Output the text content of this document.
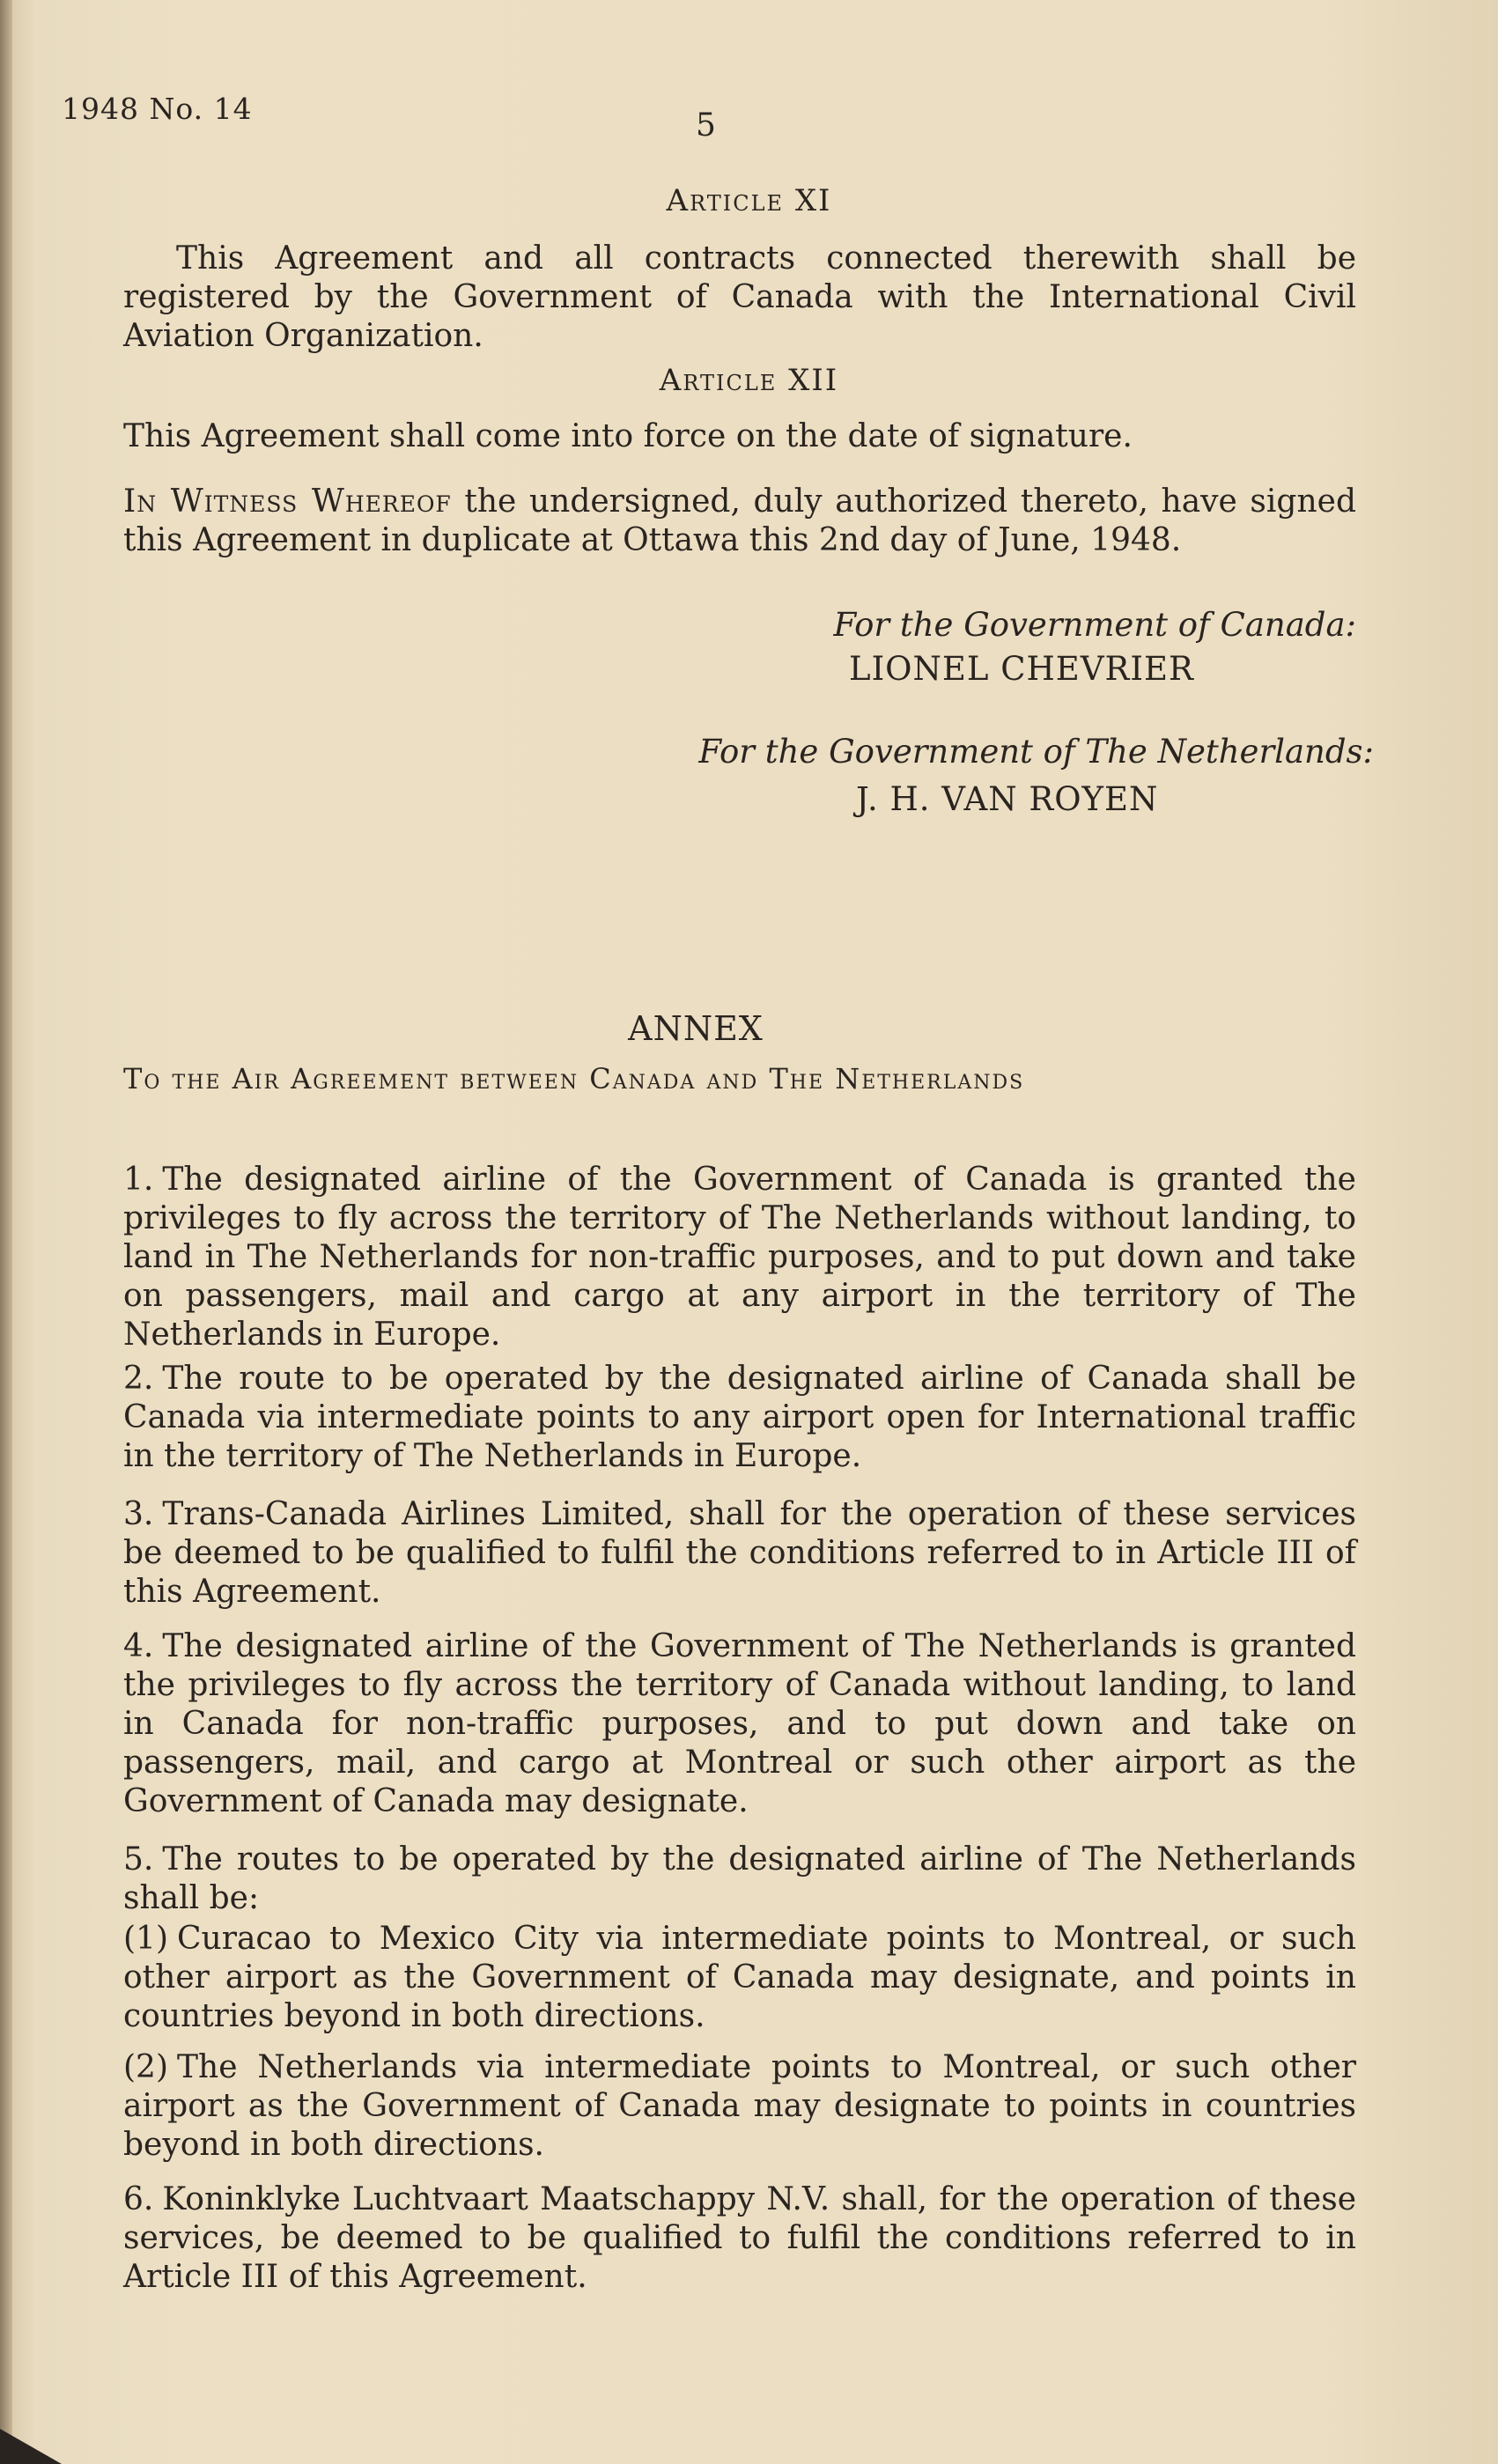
1948 No. 14	5
Article XI
This Agreement and all contracts connected therewith shall be registered by the Government of Canada with the International Civil Aviation Organization.
Article XII
This Agreement shall come into force on the date of signature.
In Witness Whereof the undersigned, duly authorized thereto, have signed this Agreement in duplicate at Ottawa this 2nd day of June, 1948.
For the Government of Canada:
LIONEL CHEVRIER
For the Government of The Netherlands:
J. H. VAN ROYEN
ANNEX
To the Air Agreement between Canada and The Netherlands
1. The designated airline of the Government of Canada is granted the privileges to fly across the territory of The Netherlands without landing, to land in The Netherlands for non-traffic purposes, and to put down and take on passengers, mail and cargo at any airport in the territory of The Netherlands in Europe.
2. The route to be operated by the designated airline of Canada shall be Canada via intermediate points to any airport open for International traffic in the territory of The Netherlands in Europe.
3. Trans-Canada Airlines Limited, shall for the operation of these services be deemed to be qualified to fulfil the conditions referred to in Article III of this Agreement.
4. The designated airline of the Government of The Netherlands is granted the privileges to fly across the territory of Canada without landing, to land in Canada for non-traffic purposes, and to put down and take on passengers, mail, and cargo at Montreal or such other airport as the Government of Canada may designate.
5. The routes to be operated by the designated airline of The Netherlands shall be:
(1) Curacao to Mexico City via intermediate points to Montreal, or such other airport as the Government of Canada may designate, and points in countries beyond in both directions.
(2) The Netherlands via intermediate points to Montreal, or such other airport as the Government of Canada may designate to points in countries beyond in both directions.
6. Koninklyke Luchtvaart Maatschappy N.V. shall, for the operation of these services, be deemed to be qualified to fulfil the conditions referred to in Article III of this Agreement.
